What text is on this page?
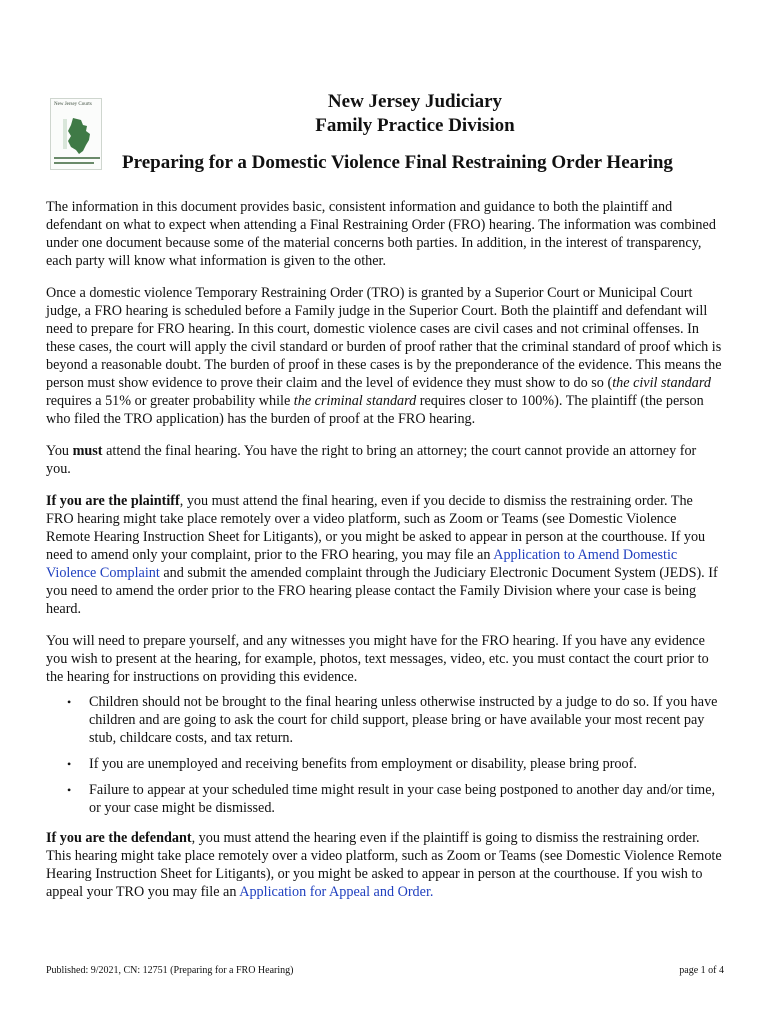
New Jersey Courts	New Jersey Judiciary
Family Practice Division
Preparing for a Domestic Violence Final Restraining Order Hearing

The information in this document provides basic, consistent information and guidance to both the plaintiff and defendant on what to expect when attending a Final Restraining Order (FRO) hearing. The information was combined under one document because some of the material concerns both parties. In addition, in the interest of transparency, each party will know what information is given to the other.

Once a domestic violence Temporary Restraining Order (TRO) is granted by a Superior Court or Municipal Court judge, a FRO hearing is scheduled before a Family judge in the Superior Court. Both the plaintiff and defendant will need to prepare for FRO hearing. In this court, domestic violence cases are civil cases and not criminal offenses. In these cases, the court will apply the civil standard or burden of proof rather that the criminal standard of proof which is beyond a reasonable doubt. The burden of proof in these cases is by the preponderance of the evidence. This means the person must show evidence to prove their claim and the level of evidence they must show to do so (the civil standard requires a 51% or greater probability while the criminal standard requires closer to 100%). The plaintiff (the person who filed the TRO application) has the burden of proof at the FRO hearing.

You must attend the final hearing. You have the right to bring an attorney; the court cannot provide an attorney for you.

If you are the plaintiff, you must attend the final hearing, even if you decide to dismiss the restraining order. The FRO hearing might take place remotely over a video platform, such as Zoom or Teams (see Domestic Violence Remote Hearing Instruction Sheet for Litigants), or you might be asked to appear in person at the courthouse. If you need to amend only your complaint, prior to the FRO hearing, you may file an Application to Amend Domestic Violence Complaint and submit the amended complaint through the Judiciary Electronic Document System (JEDS). If you need to amend the order prior to the FRO hearing please contact the Family Division where your case is being heard.

You will need to prepare yourself, and any witnesses you might have for the FRO hearing. If you have any evidence you wish to present at the hearing, for example, photos, text messages, video, etc. you must contact the court prior to the hearing for instructions on providing this evidence.

• Children should not be brought to the final hearing unless otherwise instructed by a judge to do so. If you have children and are going to ask the court for child support, please bring or have available your most recent pay stub, childcare costs, and tax return.
• If you are unemployed and receiving benefits from employment or disability, please bring proof.
• Failure to appear at your scheduled time might result in your case being postponed to another day and/or time, or your case might be dismissed.

If you are the defendant, you must attend the hearing even if the plaintiff is going to dismiss the restraining order. This hearing might take place remotely over a video platform, such as Zoom or Teams (see Domestic Violence Remote Hearing Instruction Sheet for Litigants), or you might be asked to appear in person at the courthouse. If you wish to appeal your TRO you may file an Application for Appeal and Order.

Published: 9/2021, CN: 12751 (Preparing for a FRO Hearing)	page 1 of 4
